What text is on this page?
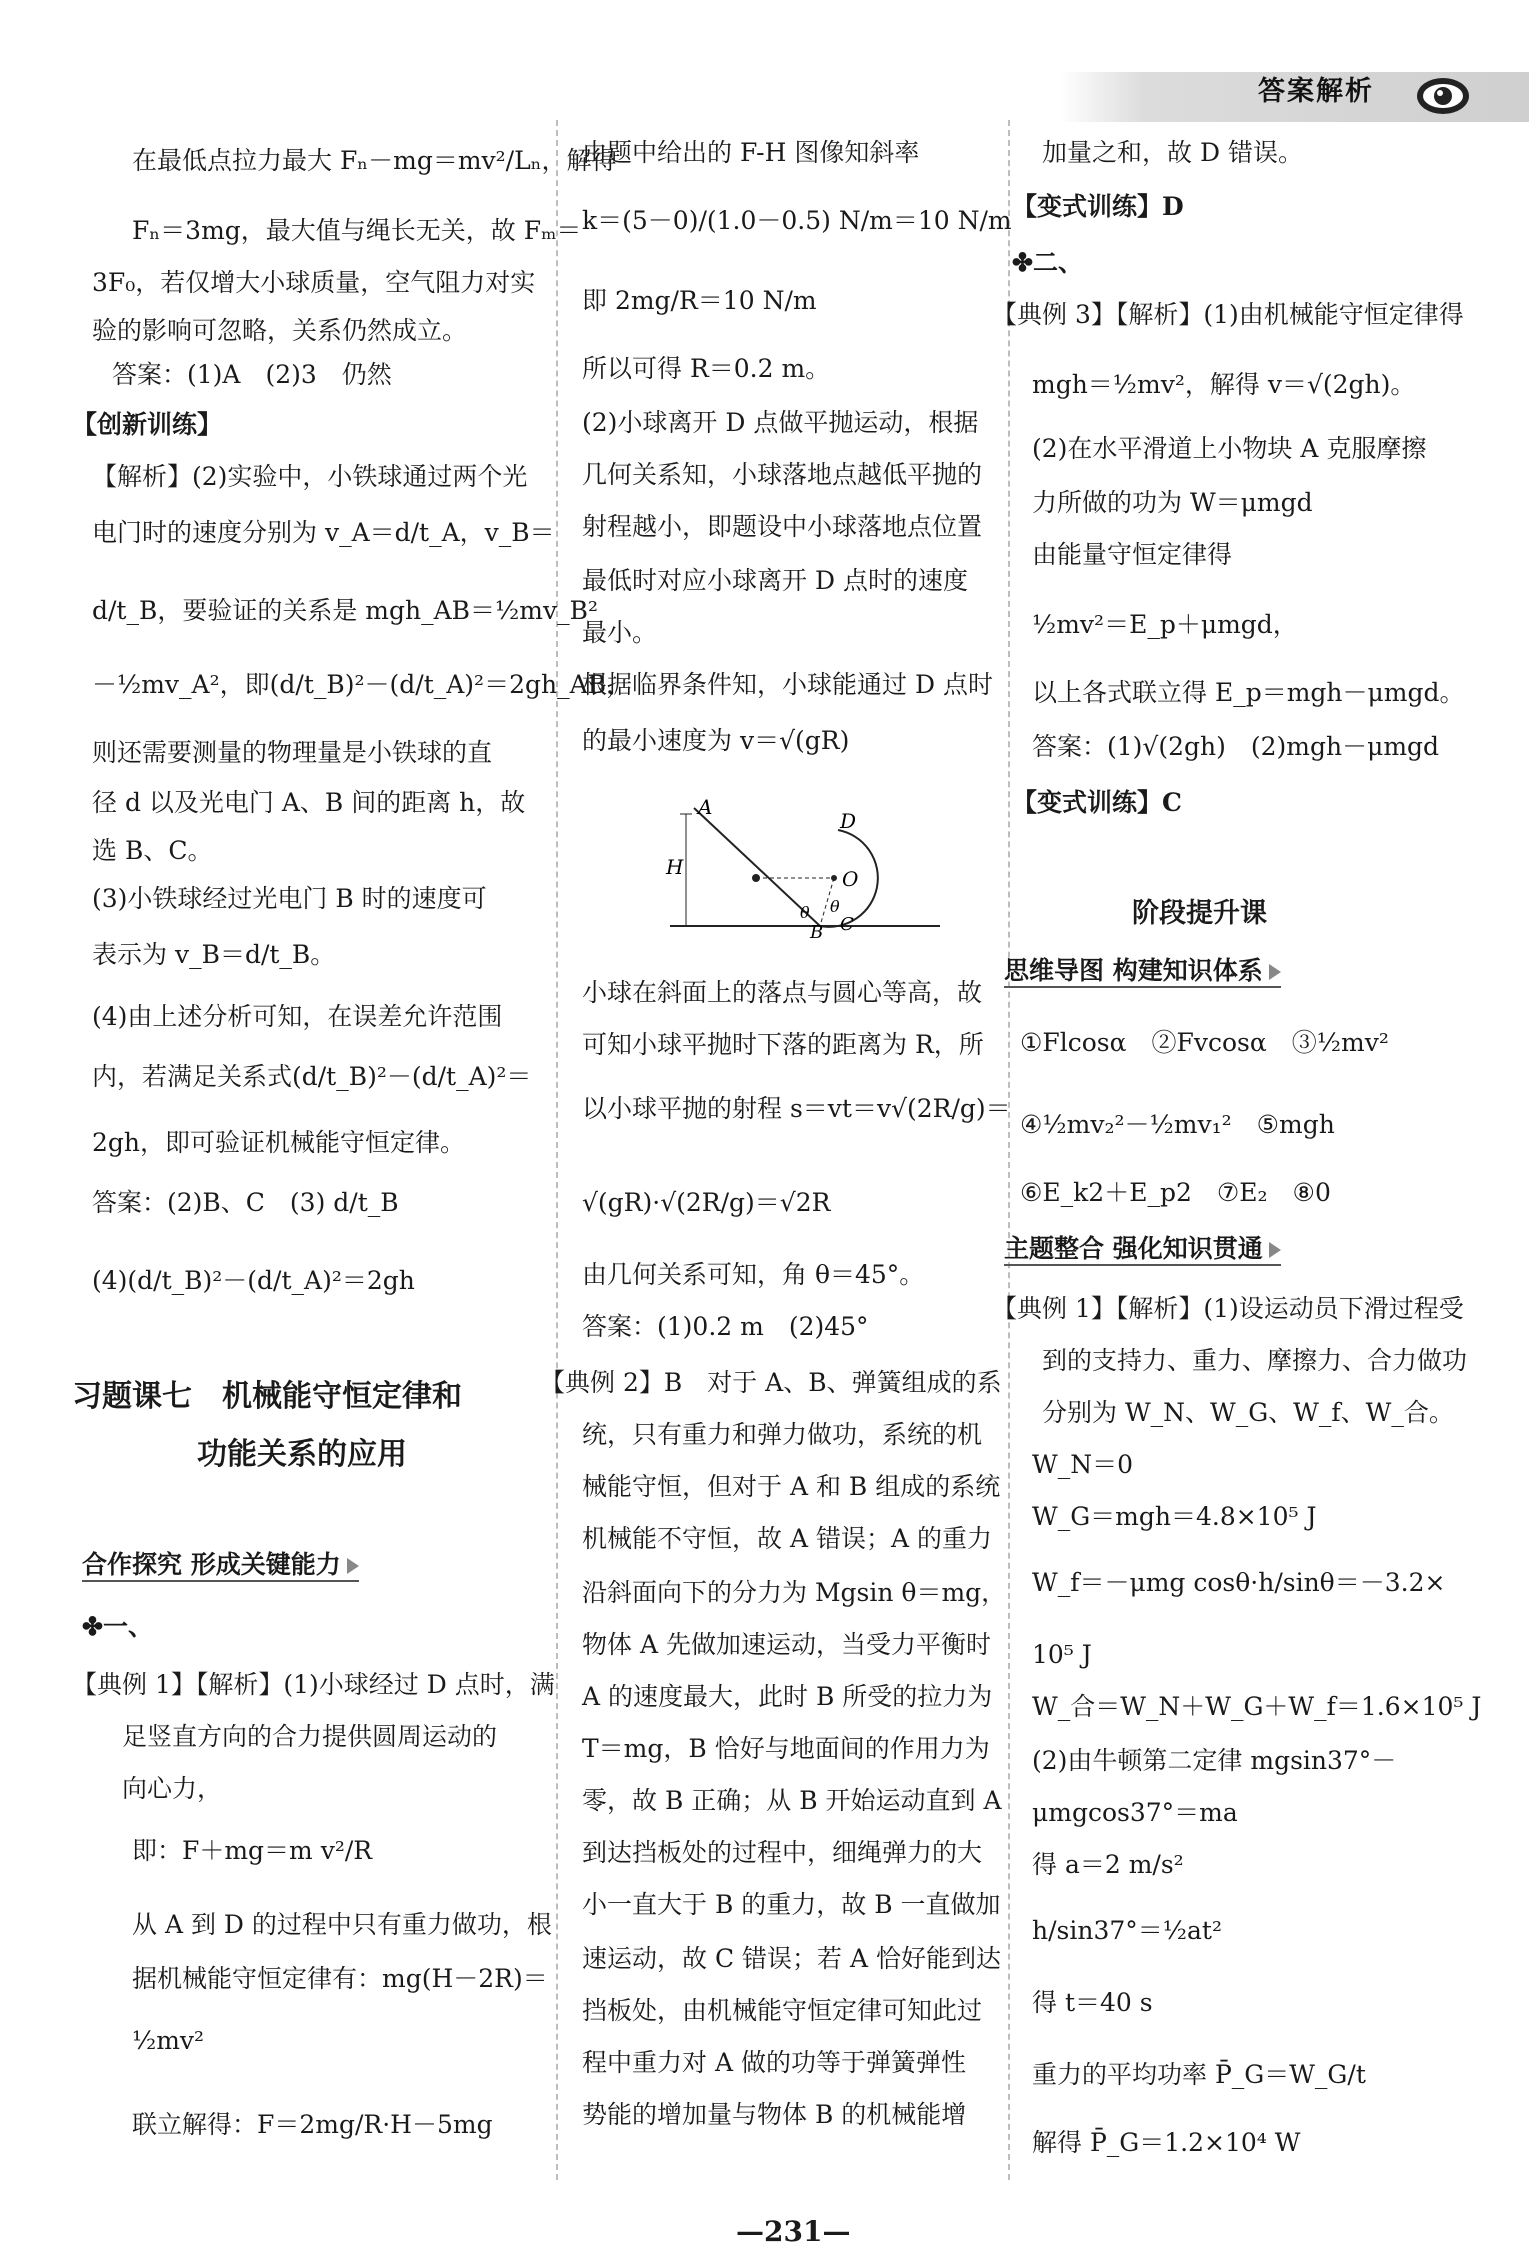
答案解析
在最低点拉力最大 Fₙ－mg＝mv²/Lₙ，解得
Fₙ＝3mg，最大值与绳长无关，故 Fₘ＝
3F₀，若仅增大小球质量，空气阻力对实
验的影响可忽略，关系仍然成立。
答案：(1)A　(2)3　仍然
【创新训练】
【解析】(2)实验中，小铁球通过两个光
电门时的速度分别为 v_A＝d/t_A，v_B＝
d/t_B，要验证的关系是 mgh_AB＝½mv_B²
－½mv_A²，即(d/t_B)²－(d/t_A)²＝2gh_AB，
则还需要测量的物理量是小铁球的直
径 d 以及光电门 A、B 间的距离 h，故
选 B、C。
(3)小铁球经过光电门 B 时的速度可
表示为 v_B＝d/t_B。
(4)由上述分析可知，在误差允许范围
内，若满足关系式(d/t_B)²－(d/t_A)²＝
2gh，即可验证机械能守恒定律。
答案：(2)B、C　(3) d/t_B
(4)(d/t_B)²－(d/t_A)²＝2gh
习题课七　机械能守恒定律和
功能关系的应用
合作探究 形成关键能力
✤一、
【典例 1】【解析】(1)小球经过 D 点时，满
足竖直方向的合力提供圆周运动的
向心力，
即：F＋mg＝m v²/R
从 A 到 D 的过程中只有重力做功，根
据机械能守恒定律有：mg(H－2R)＝
½mv²
联立解得：F＝2mg/R·H－5mg
由题中给出的 F-H 图像知斜率
k＝(5－0)/(1.0－0.5) N/m＝10 N/m
即 2mg/R＝10 N/m
所以可得 R＝0.2 m。
(2)小球离开 D 点做平抛运动，根据
几何关系知，小球落地点越低平抛的
射程越小，即题设中小球落地点位置
最低时对应小球离开 D 点时的速度
最小。
根据临界条件知，小球能通过 D 点时
的最小速度为 v＝√(gR)
小球在斜面上的落点与圆心等高，故
可知小球平抛时下落的距离为 R，所
以小球平抛的射程 s＝vt＝v√(2R/g)＝
√(gR)·√(2R/g)＝√2R
由几何关系可知，角 θ＝45°。
答案：(1)0.2 m　(2)45°
【典例 2】B　对于 A、B、弹簧组成的系
统，只有重力和弹力做功，系统的机
械能守恒，但对于 A 和 B 组成的系统
机械能不守恒，故 A 错误；A 的重力
沿斜面向下的分力为 Mgsin θ＝mg，
物体 A 先做加速运动，当受力平衡时
A 的速度最大，此时 B 所受的拉力为
T＝mg，B 恰好与地面间的作用力为
零，故 B 正确；从 B 开始运动直到 A
到达挡板处的过程中，细绳弹力的大
小一直大于 B 的重力，故 B 一直做加
速运动，故 C 错误；若 A 恰好能到达
挡板处，由机械能守恒定律可知此过
程中重力对 A 做的功等于弹簧弹性
势能的增加量与物体 B 的机械能增
A
H
D
O
θ
B
θ
C
加量之和，故 D 错误。
【变式训练】D
✤二、
【典例 3】【解析】(1)由机械能守恒定律得
mgh＝½mv²，解得 v＝√(2gh)。
(2)在水平滑道上小物块 A 克服摩擦
力所做的功为 W＝μmgd
由能量守恒定律得
½mv²＝E_p＋μmgd，
以上各式联立得 E_p＝mgh－μmgd。
答案：(1)√(2gh)　(2)mgh－μmgd
【变式训练】C
阶段提升课
思维导图 构建知识体系
①Flcosα　②Fvcosα　③½mv²
④½mv₂²－½mv₁²　⑤mgh
⑥E_k2＋E_p2　⑦E₂　⑧0
主题整合 强化知识贯通
【典例 1】【解析】(1)设运动员下滑过程受
到的支持力、重力、摩擦力、合力做功
分别为 W_N、W_G、W_f、W_合。
W_N＝0
W_G＝mgh＝4.8×10⁵ J
W_f＝－μmg cosθ·h/sinθ＝－3.2×
10⁵ J
W_合＝W_N＋W_G＋W_f＝1.6×10⁵ J
(2)由牛顿第二定律 mgsin37°－
μmgcos37°＝ma
得 a＝2 m/s²
h/sin37°＝½at²
得 t＝40 s
重力的平均功率 P̄_G＝W_G/t
解得 P̄_G＝1.2×10⁴ W
—231—
